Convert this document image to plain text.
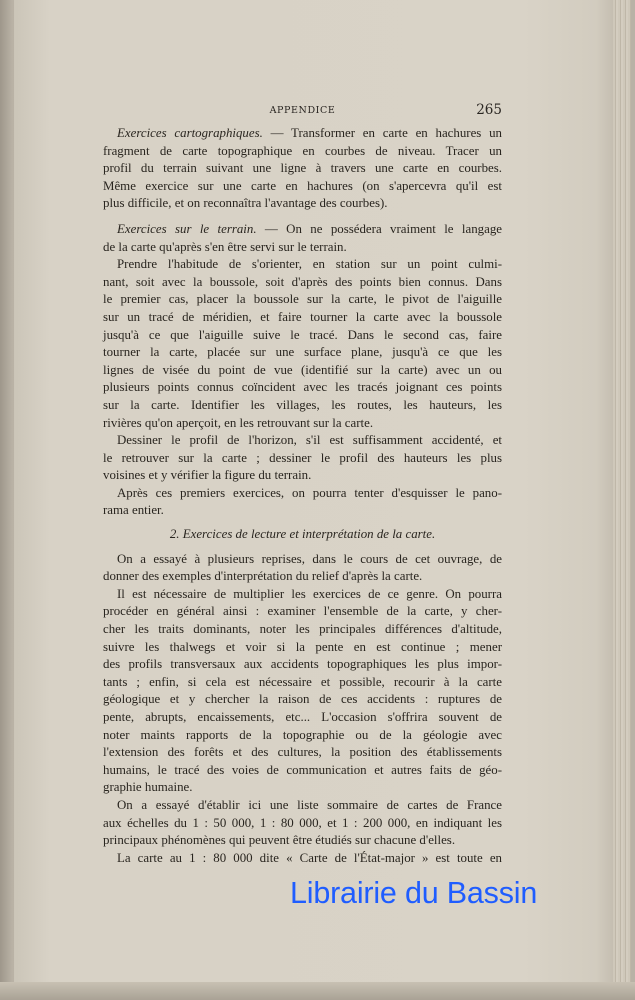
APPENDICE	265
Exercices cartographiques. — Transformer en carte en hachures un
fragment de carte topographique en courbes de niveau. Tracer un
profil du terrain suivant une ligne à travers une carte en courbes.
Même exercice sur une carte en hachures (on s'apercevra qu'il est
plus difficile, et on reconnaîtra l'avantage des courbes).
Exercices sur le terrain. — On ne possédera vraiment le langage
de la carte qu'après s'en être servi sur le terrain.
Prendre l'habitude de s'orienter, en station sur un point culmi-
nant, soit avec la boussole, soit d'après des points bien connus. Dans
le premier cas, placer la boussole sur la carte, le pivot de l'aiguille
sur un tracé de méridien, et faire tourner la carte avec la boussole
jusqu'à ce que l'aiguille suive le tracé. Dans le second cas, faire
tourner la carte, placée sur une surface plane, jusqu'à ce que les
lignes de visée du point de vue (identifié sur la carte) avec un ou
plusieurs points connus coïncident avec les tracés joignant ces points
sur la carte. Identifier les villages, les routes, les hauteurs, les
rivières qu'on aperçoit, en les retrouvant sur la carte.
Dessiner le profil de l'horizon, s'il est suffisamment accidenté, et
le retrouver sur la carte ; dessiner le profil des hauteurs les plus
voisines et y vérifier la figure du terrain.
Après ces premiers exercices, on pourra tenter d'esquisser le pano-
rama entier.
2. Exercices de lecture et interprétation de la carte.
On a essayé à plusieurs reprises, dans le cours de cet ouvrage, de
donner des exemples d'interprétation du relief d'après la carte.
Il est nécessaire de multiplier les exercices de ce genre. On pourra
procéder en général ainsi : examiner l'ensemble de la carte, y cher-
cher les traits dominants, noter les principales différences d'altitude,
suivre les thalwegs et voir si la pente en est continue ; mener
des profils transversaux aux accidents topographiques les plus impor-
tants ; enfin, si cela est nécessaire et possible, recourir à la carte
géologique et y chercher la raison de ces accidents : ruptures de
pente, abrupts, encaissements, etc... L'occasion s'offrira souvent de
noter maints rapports de la topographie ou de la géologie avec
l'extension des forêts et des cultures, la position des établissements
humains, le tracé des voies de communication et autres faits de géo-
graphie humaine.
On a essayé d'établir ici une liste sommaire de cartes de France
aux échelles du 1 : 50 000, 1 : 80 000, et 1 : 200 000, en indiquant les
principaux phénomènes qui peuvent être étudiés sur chacune d'elles.
La carte au 1 : 80 000 dite « Carte de l'État-major » est toute en
Librairie du Bassin
